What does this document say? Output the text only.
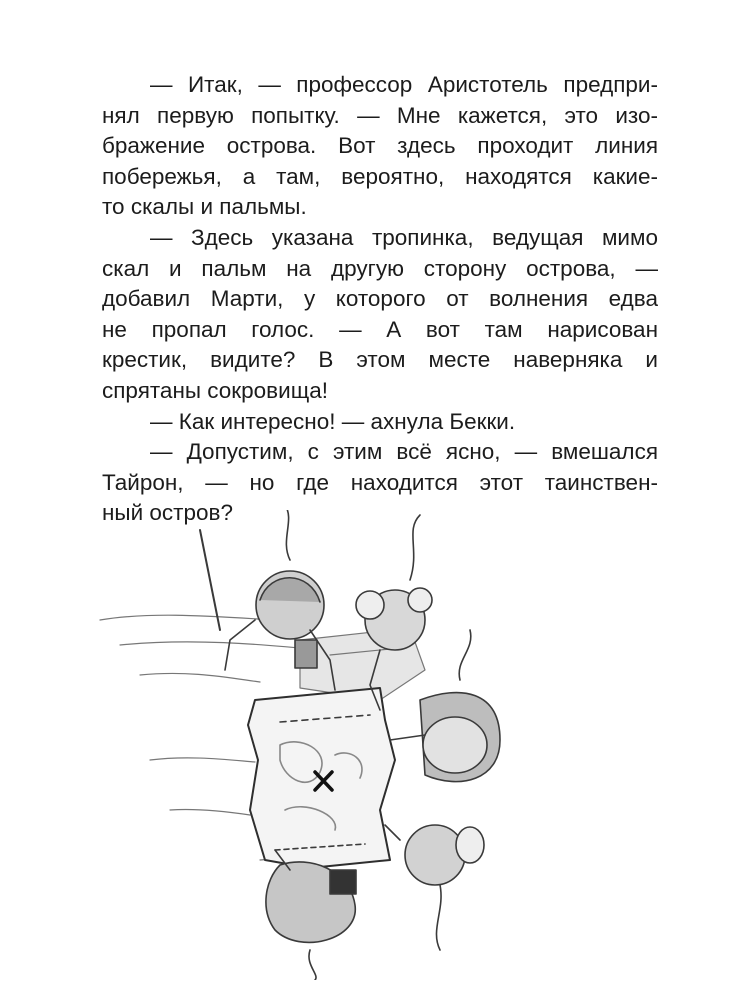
— Итак, — профессор Аристотель предпри-
нял первую попытку. — Мне кажется, это изо-
бражение острова. Вот здесь проходит линия
побережья, а там, вероятно, находятся какие-
то скалы и пальмы.
— Здесь указана тропинка, ведущая мимо
скал и пальм на другую сторону острова, —
добавил Марти, у которого от волнения едва
не пропал голос. — А вот там нарисован
крестик, видите? В этом месте наверняка и
спрятаны сокровища!
— Как интересно! — ахнула Бекки.
— Допустим, с этим всё ясно, — вмешался
Тайрон, — но где находится этот таинствен-
ный остров?
